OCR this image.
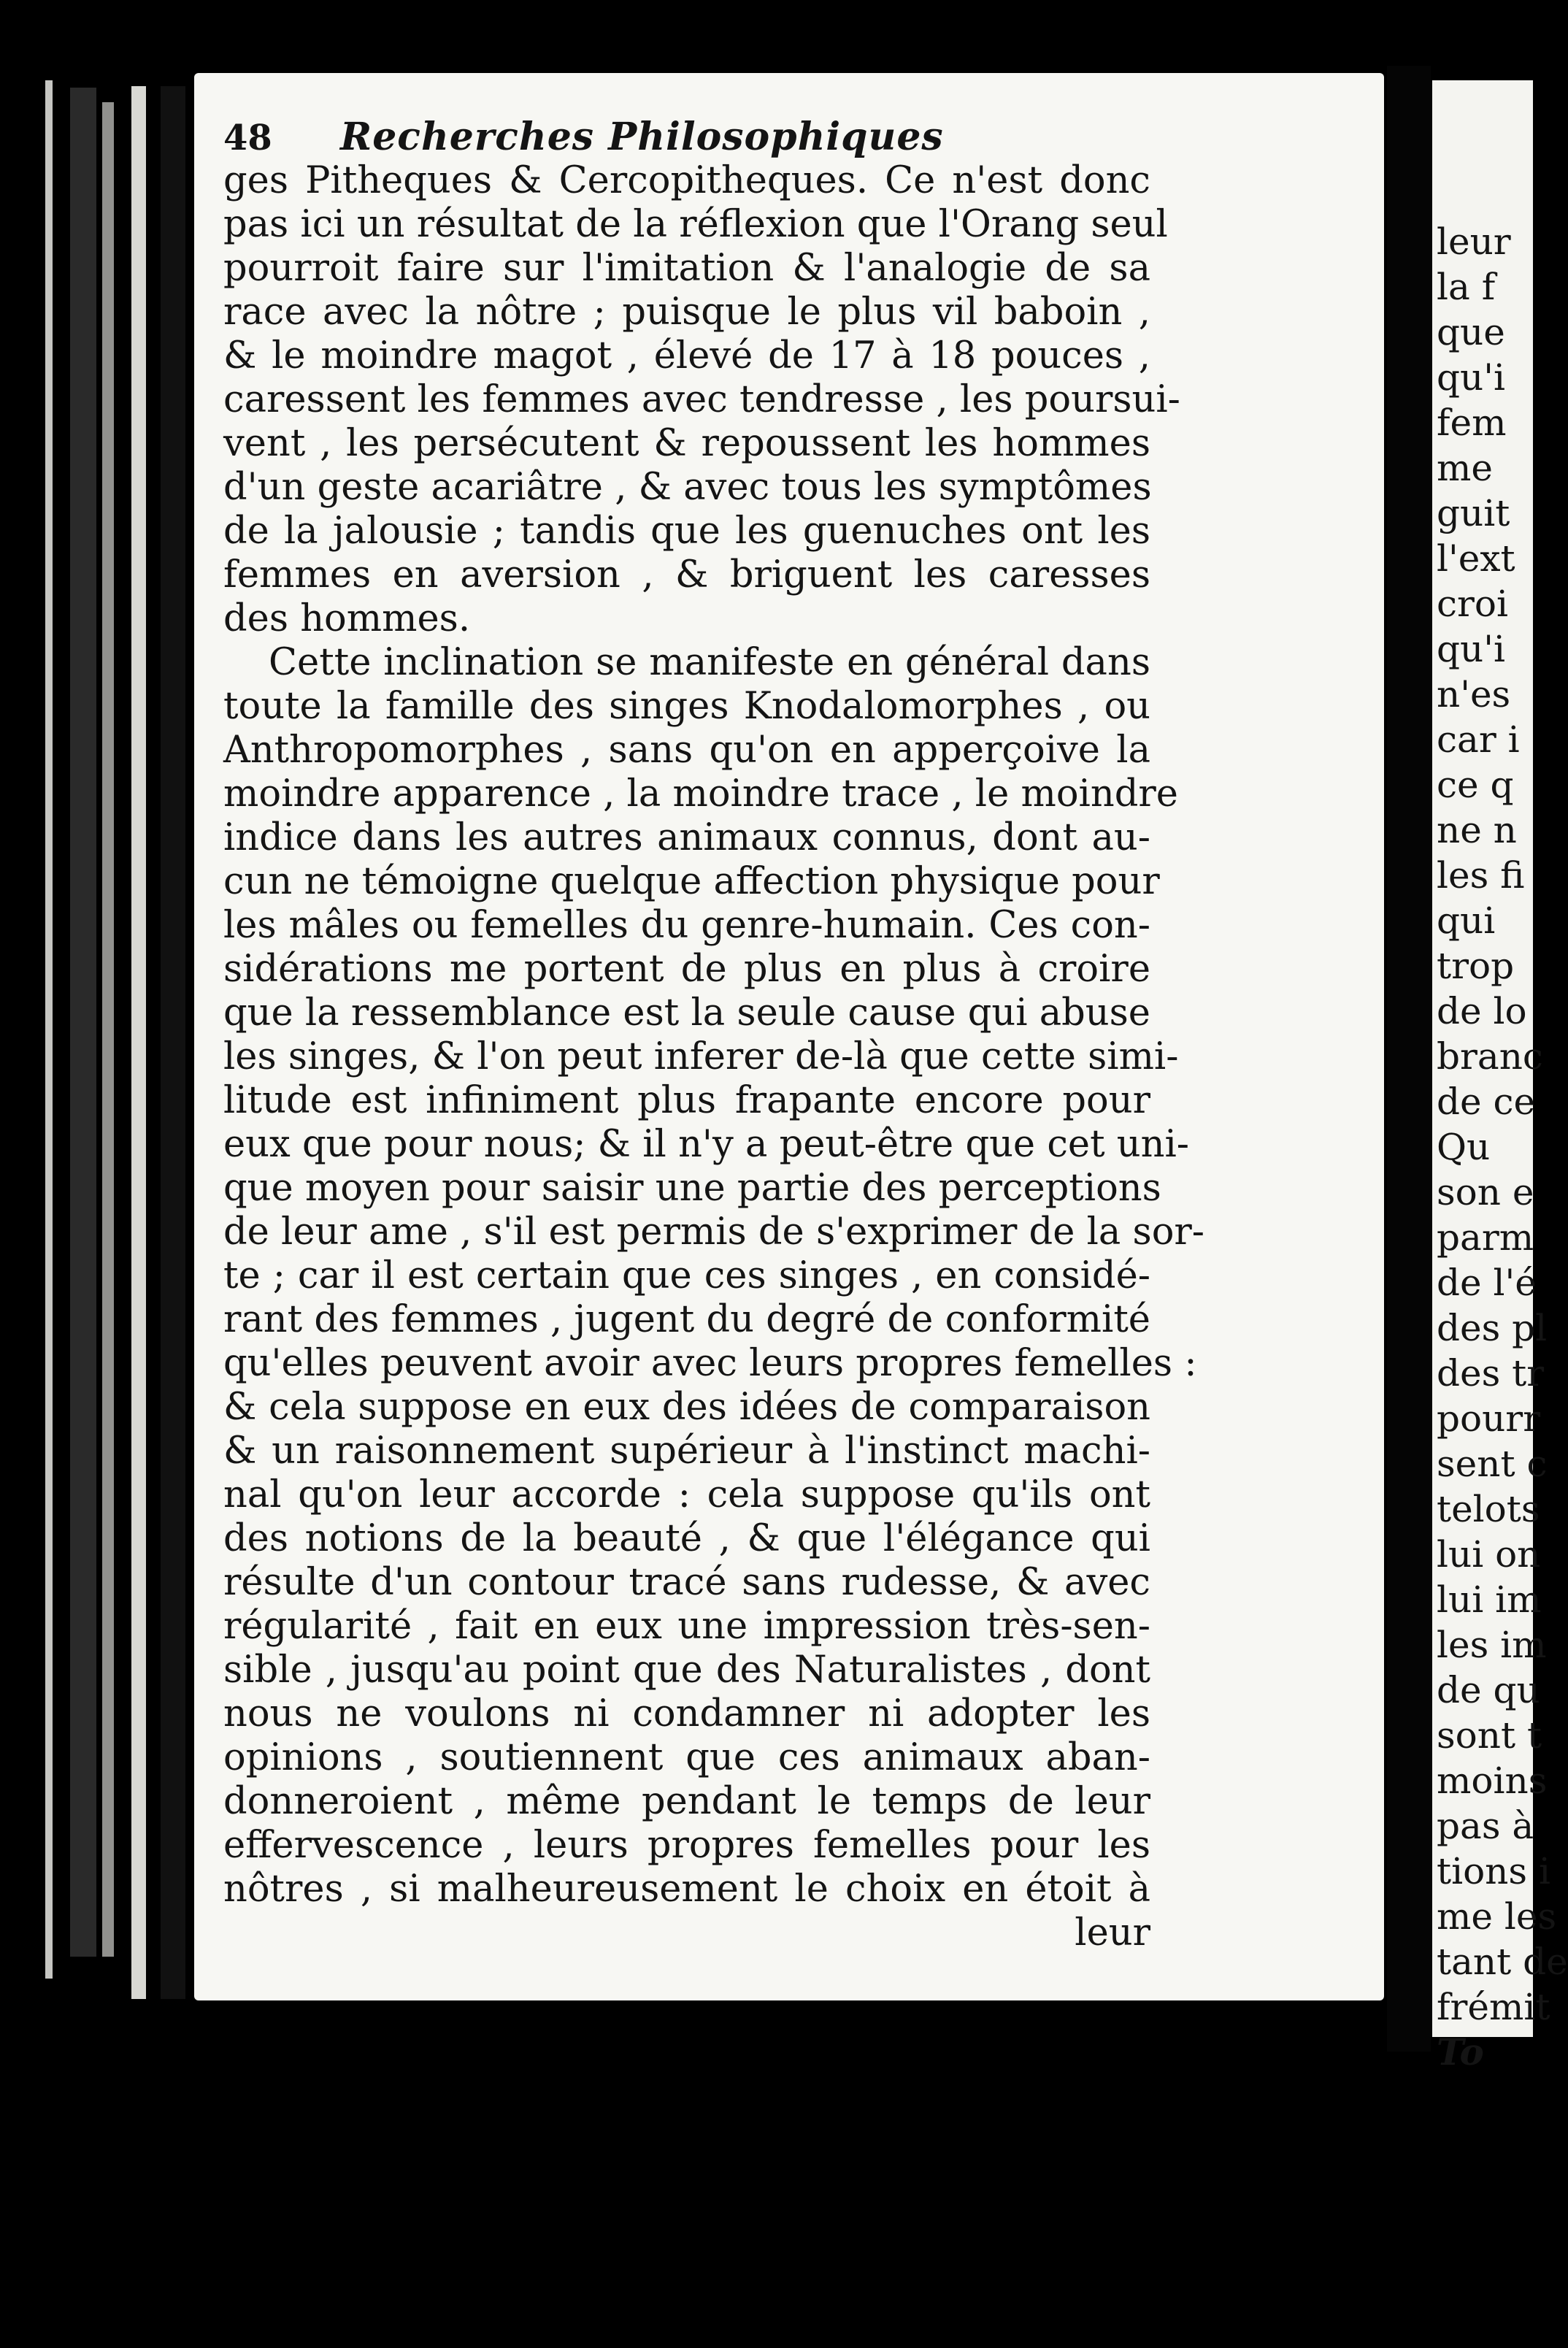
48	Recherches Philosophiques
ges Pitheques & Cercopitheques. Ce n'est donc
pas ici un résultat de la réflexion que l'Orang seul
pourroit faire sur l'imitation & l'analogie de sa
race avec la nôtre ; puisque le plus vil baboin ,
& le moindre magot , élevé de 17 à 18 pouces ,
caressent les femmes avec tendresse , les poursui-
vent , les persécutent & repoussent les hommes
d'un geste acariâtre , & avec tous les symptômes
de la jalousie ; tandis que les guenuches ont les
femmes en aversion , & briguent les caresses
des hommes.
Cette inclination se manifeste en général dans
toute la famille des singes Knodalomorphes , ou
Anthropomorphes , sans qu'on en apperçoive la
moindre apparence , la moindre trace , le moindre
indice dans les autres animaux connus, dont au-
cun ne témoigne quelque affection physique pour
les mâles ou femelles du genre-humain. Ces con-
sidérations me portent de plus en plus à croire
que la ressemblance est la seule cause qui abuse
les singes, & l'on peut inferer de-là que cette simi-
litude est infiniment plus frapante encore pour
eux que pour nous; & il n'y a peut-être que cet uni-
que moyen pour saisir une partie des perceptions
de leur ame , s'il est permis de s'exprimer de la sor-
te ; car il est certain que ces singes , en considé-
rant des femmes , jugent du degré de conformité
qu'elles peuvent avoir avec leurs propres femelles :
& cela suppose en eux des idées de comparaison
& un raisonnement supérieur à l'instinct machi-
nal qu'on leur accorde : cela suppose qu'ils ont
des notions de la beauté , & que l'élégance qui
résulte d'un contour tracé sans rudesse, & avec
régularité , fait en eux une impression très-sen-
sible , jusqu'au point que des Naturalistes , dont
nous ne voulons ni condamner ni adopter les
opinions , soutiennent que ces animaux aban-
donneroient , même pendant le temps de leur
effervescence , leurs propres femelles pour les
nôtres , si malheureusement le choix en étoit à
leur
leur
la f
que
qu'i
fem
me
guit
l'ext
croi
qu'i
n'es
car i
ce q
ne n
les fi
qui
trop
de lo
branc
de ce
Qu
son e
parm
de l'é
des pl
des tr
pourr
sent c
telots
lui on
lui im
les im
de qu
sont t
moins
pas à
tions i
me les
tant de
frémit
To
